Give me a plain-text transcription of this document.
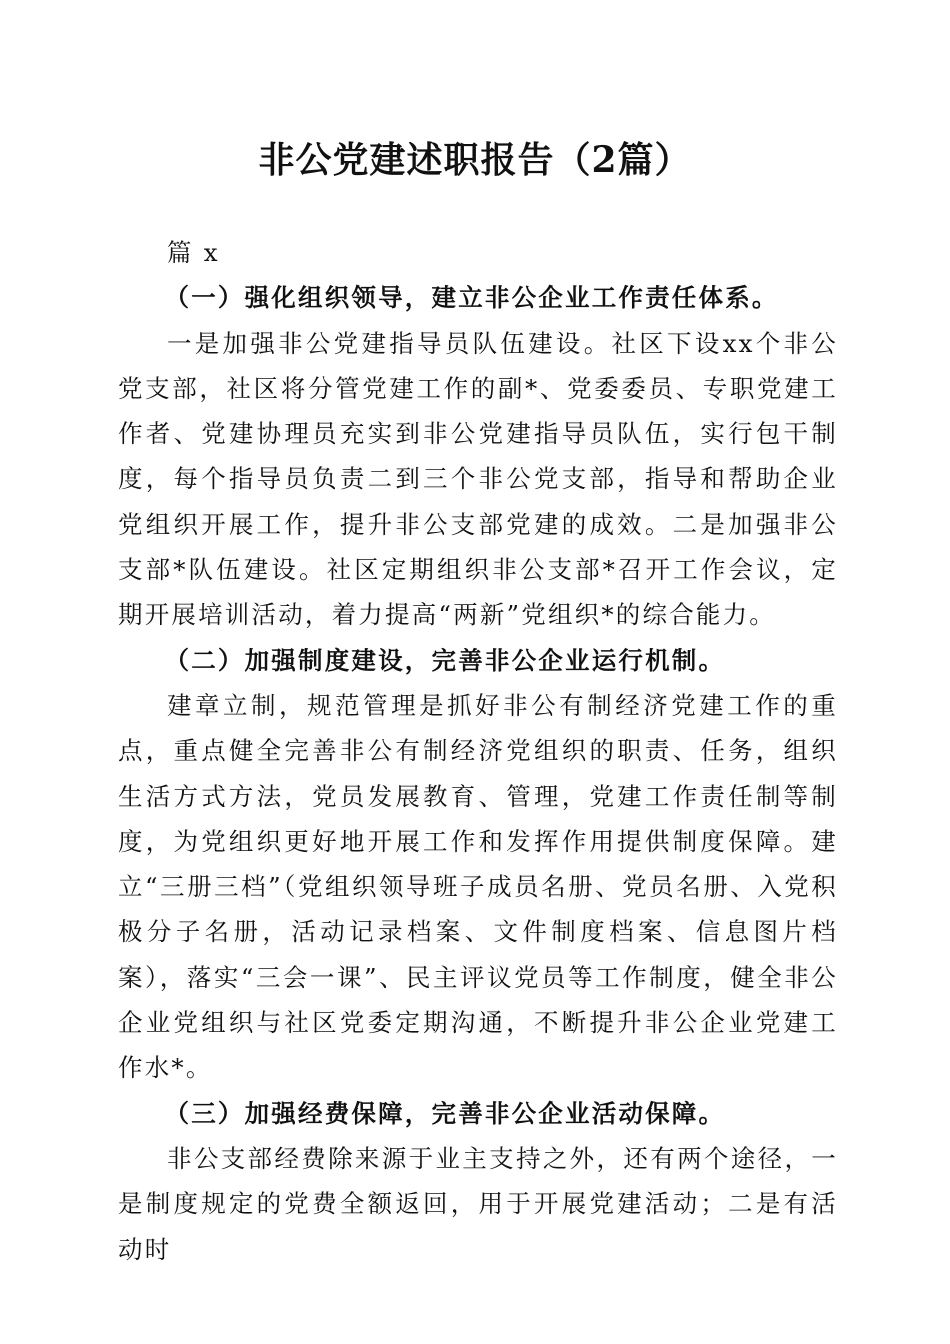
非公党建述职报告（2篇）

篇 x

（一）强化组织领导，建立非公企业工作责任体系。

一是加强非公党建指导员队伍建设。社区下设xx个非公党支部，社区将分管党建工作的副*、党委委员、专职党建工作者、党建协理员充实到非公党建指导员队伍，实行包干制度，每个指导员负责二到三个非公党支部，指导和帮助企业党组织开展工作，提升非公支部党建的成效。二是加强非公支部*队伍建设。社区定期组织非公支部*召开工作会议，定期开展培训活动，着力提高“两新”党组织*的综合能力。

（二）加强制度建设，完善非公企业运行机制。

建章立制，规范管理是抓好非公有制经济党建工作的重点，重点健全完善非公有制经济党组织的职责、任务，组织生活方式方法，党员发展教育、管理，党建工作责任制等制度，为党组织更好地开展工作和发挥作用提供制度保障。建立“三册三档”（党组织领导班子成员名册、党员名册、入党积极分子名册，活动记录档案、文件制度档案、信息图片档案），落实“三会一课”、民主评议党员等工作制度，健全非公企业党组织与社区党委定期沟通，不断提升非公企业党建工作水*。

（三）加强经费保障，完善非公企业活动保障。

非公支部经费除来源于业主支持之外，还有两个途径，一是制度规定的党费全额返回，用于开展党建活动；二是有活动时
